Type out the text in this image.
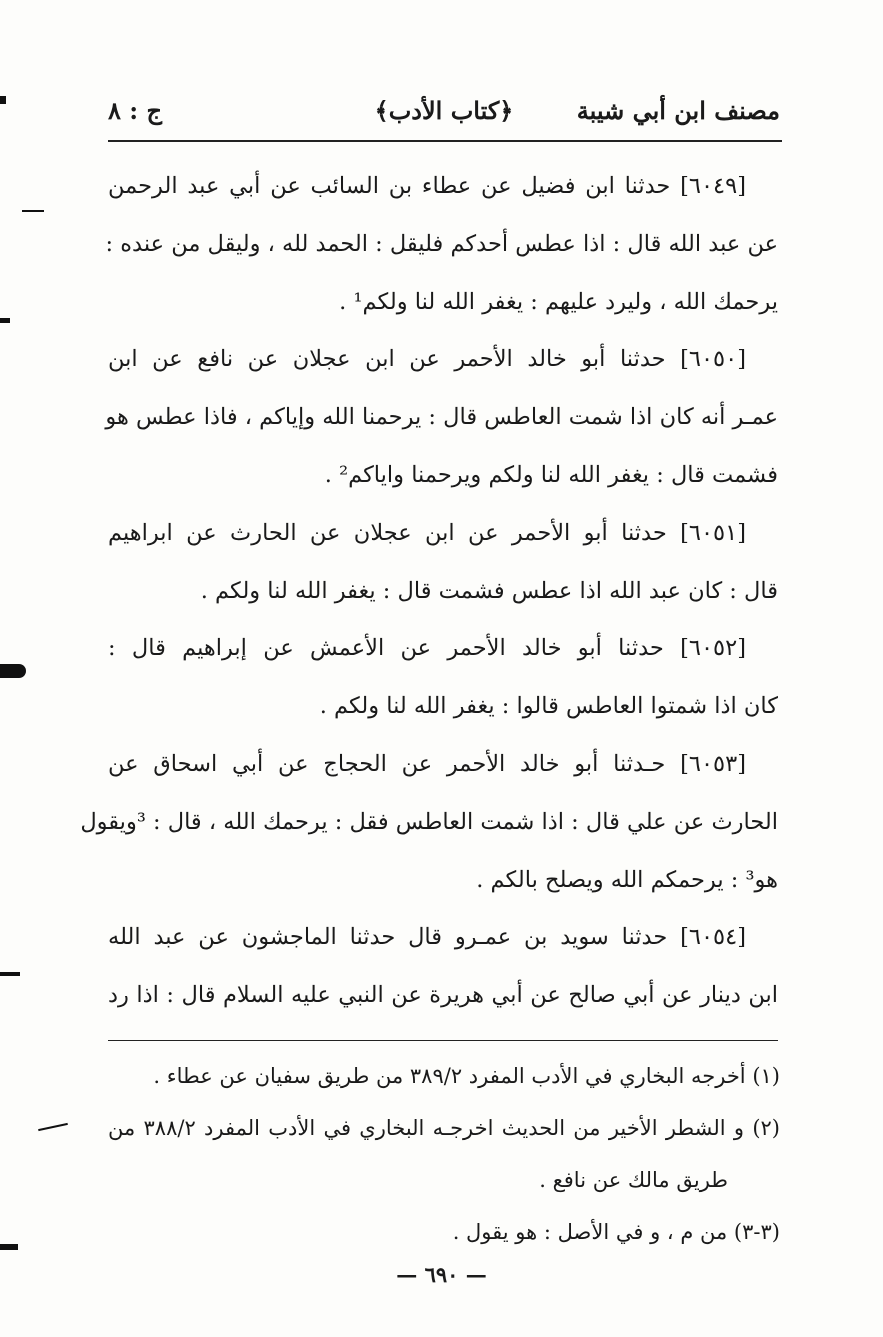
مصنف ابن أبي شيبة
﴿كتاب الأدب﴾
ج : ٨
[٦٠٤٩] حدثنا ابن فضيل عن عطاء بن السائب عن أبي عبد الرحمن
عن عبد الله قال : اذا عطس أحدكم فليقل : الحمد لله ، وليقل من عنده :
يرحمك الله ، وليرد عليهم : يغفر الله لنا ولكم¹ .
[٦٠٥٠] حدثنا أبو خالد الأحمر عن ابن عجلان عن نافع عن ابن
عمـر أنه كان اذا شمت العاطس قال : يرحمنا الله وإياكم ، فاذا عطس هو
فشمت قال : يغفر الله لنا ولكم ويرحمنا واياكم² .
[٦٠٥١] حدثنا أبو الأحمر عن ابن عجلان عن الحارث عن ابراهيم
قال : كان عبد الله اذا عطس فشمت قال : يغفر الله لنا ولكم .
[٦٠٥٢] حدثنا أبو خالد الأحمر عن الأعمش عن إبراهيم قال :
كان اذا شمتوا العاطس قالوا : يغفر الله لنا ولكم .
[٦٠٥٣] حـدثنا أبو خالد الأحمر عن الحجاج عن أبي اسحاق عن
الحارث عن علي قال : اذا شمت العاطس فقل : يرحمك الله ، قال : ³ويقول
هو³ : يرحمكم الله ويصلح بالكم .
[٦٠٥٤] حدثنا سويد بن عمـرو قال حدثنا الماجشون عن عبد الله
ابن دينار عن أبي صالح عن أبي هريرة عن النبي عليه السلام قال : اذا رد
(١) أخرجه البخاري في الأدب المفرد ٣٨٩/٢ من طريق سفيان عن عطاء .
(٢) و الشطر الأخير من الحديث اخرجـه البخاري في الأدب المفرد ٣٨٨/٢ من
طريق مالك عن نافع .
(٣-٣) من م ، و في الأصل : هو يقول .
— ٦٩٠ —
